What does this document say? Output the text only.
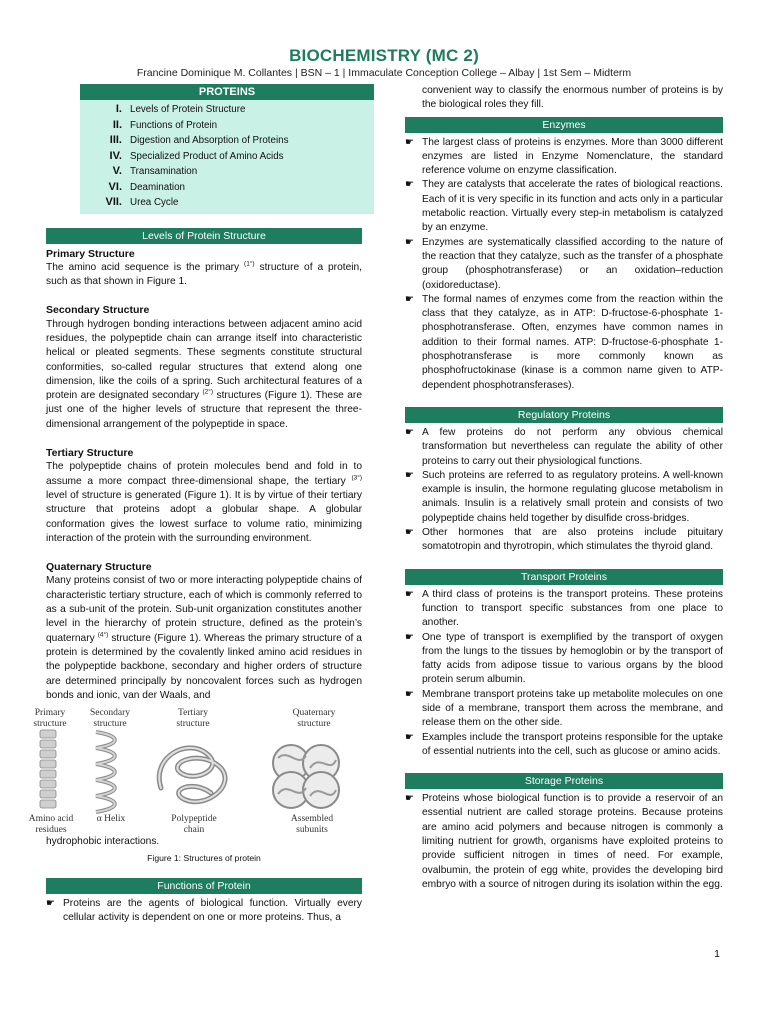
BIOCHEMISTRY (MC 2)
Francine Dominique M. Collantes | BSN – 1 | Immaculate Conception College – Albay | 1st Sem – Midterm
PROTEINS
I. Levels of Protein Structure
II. Functions of Protein
III. Digestion and Absorption of Proteins
IV. Specialized Product of Amino Acids
V. Transamination
VI. Deamination
VII. Urea Cycle
Levels of Protein Structure
Primary Structure

The amino acid sequence is the primary $^{(1^\circ)}$ structure of a protein, such as that shown in Figure 1.

Secondary Structure

Through hydrogen bonding interactions between adjacent amino acid residues, the polypeptide chain can arrange itself into characteristic helical or pleated segments. These segments constitute structural conformities, so-called regular structures that extend along one dimension, like the coils of a spring. Such architectural features of a protein are designated secondary $^{(2^\circ)}$ structures (Figure 1). These are just one of the higher levels of structure that represent the three-dimensional arrangement of the polypeptide in space.

Tertiary Structure

The polypeptide chains of protein molecules bend and fold in to assume a more compact three-dimensional shape, the tertiary $^{(3^\circ)}$ level of structure is generated (Figure 1). It is by virtue of their tertiary structure that proteins adopt a globular shape. A globular conformation gives the lowest surface to volume ratio, minimizing interaction of the protein with the surrounding environment.

Quaternary Structure

Many proteins consist of two or more interacting polypeptide chains of characteristic tertiary structure, each of which is commonly referred to as a sub-unit of the protein. Sub-unit organization constitutes another level in the hierarchy of protein structure, defined as the protein’s quaternary $^{(4^\circ)}$ structure (Figure 1). Whereas the primary structure of a protein is determined by the covalently linked amino acid residues in the polypeptide backbone, secondary and higher orders of structure are determined principally by noncovalent forces such as hydrogen bonds and ionic, van der Waals, and

Primary structure
Secondary structure
Tertiary structure
Quaternary structure
Amino acid residues
α Helix	Polypeptide chain
Assembled subunits

hydrophobic interactions.

Figure 1: Structures of protein
Functions of Protein
☛ Proteins are the agents of biological function. Virtually every cellular activity is dependent on one or more proteins. Thus, a

convenient way to classify the enormous number of proteins is by the biological roles they fill.

Enzymes
☛ The largest class of proteins is enzymes. More than 3000 different enzymes are listed in Enzyme Nomenclature, the standard reference volume on enzyme classification.
☛ They are catalysts that accelerate the rates of biological reactions. Each of it is very specific in its function and acts only in a particular metabolic reaction. Virtually every step-in metabolism is catalyzed by an enzyme.
☛ Enzymes are systematically classified according to the nature of the reaction that they catalyze, such as the transfer of a phosphate group (phosphotransferase) or an oxidation–reduction (oxidoreductase).
☛ The formal names of enzymes come from the reaction within the class that they catalyze, as in ATP: D-fructose-6-phosphate 1-phosphotransferase. Often, enzymes have common names in addition to their formal names. ATP: D-fructose-6-phosphate 1-phosphotransferase is more commonly known as phosphofructokinase (kinase is a common name given to ATP-dependent phosphotransferases).
Regulatory Proteins
☛ A few proteins do not perform any obvious chemical transformation but nevertheless can regulate the ability of other proteins to carry out their physiological functions.
☛ Such proteins are referred to as regulatory proteins. A well-known example is insulin, the hormone regulating glucose metabolism in animals. Insulin is a relatively small protein and consists of two polypeptide chains held together by disulfide cross-bridges.
☛ Other hormones that are also proteins include pituitary somatotropin and thyrotropin, which stimulates the thyroid gland.
Transport Proteins
☛ A third class of proteins is the transport proteins. These proteins function to transport specific substances from one place to another.
☛ One type of transport is exemplified by the transport of oxygen from the lungs to the tissues by hemoglobin or by the transport of fatty acids from adipose tissue to various organs by the blood protein serum albumin.
☛ Membrane transport proteins take up metabolite molecules on one side of a membrane, transport them across the membrane, and release them on the other side.
☛ Examples include the transport proteins responsible for the uptake of essential nutrients into the cell, such as glucose or amino acids.
Storage Proteins
☛ Proteins whose biological function is to provide a reservoir of an essential nutrient are called storage proteins. Because proteins are amino acid polymers and because nitrogen is commonly a limiting nutrient for growth, organisms have exploited proteins to provide sufficient nitrogen in times of need. For example, ovalbumin, the protein of egg white, provides the developing bird embryo with a source of nitrogen during its isolation within the egg.
1
